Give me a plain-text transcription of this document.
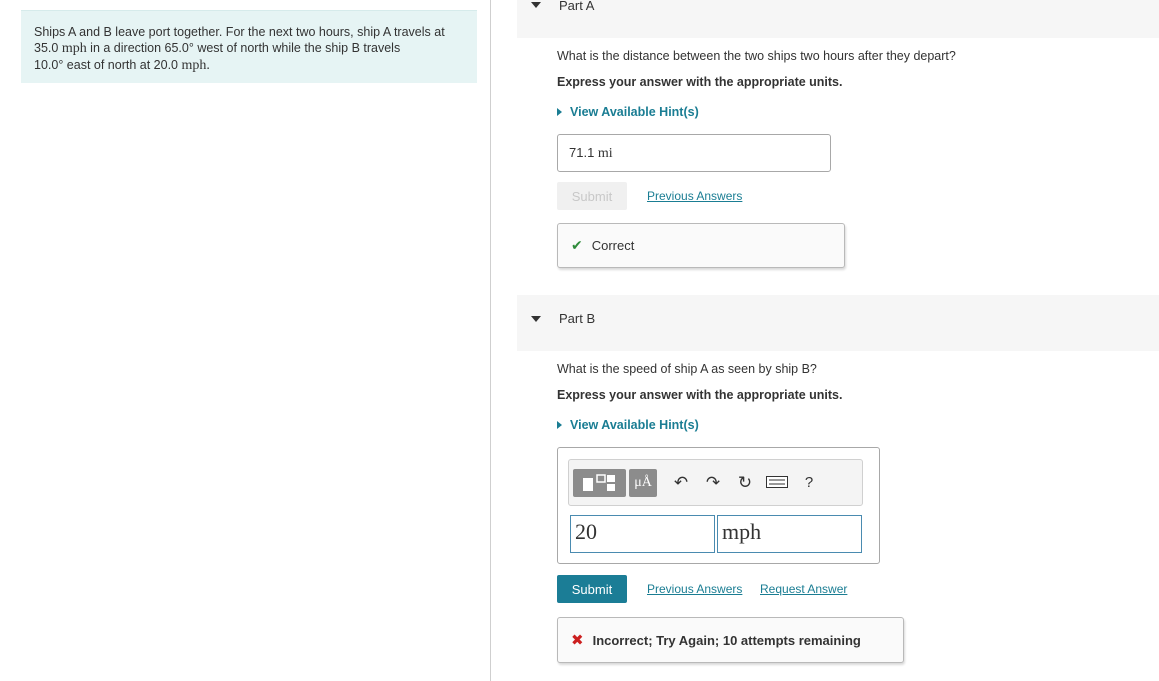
Ships A and B leave port together. For the next two hours, ship A travels at
35.0 mph in a direction 65.0° west of north while the ship B travels
10.0° east of north at 20.0 mph.
Part A
What is the distance between the two ships two hours after they depart?
Express your answer with the appropriate units.
View Available Hint(s)
71.1 mi
Submit	Previous Answers
✔ Correct
Part B
What is the speed of ship A as seen by ship B?
Express your answer with the appropriate units.
View Available Hint(s)
μÅ	↶	↷	↻	?
20	mph
Submit	Previous Answers Request Answer
✖ Incorrect; Try Again; 10 attempts remaining
